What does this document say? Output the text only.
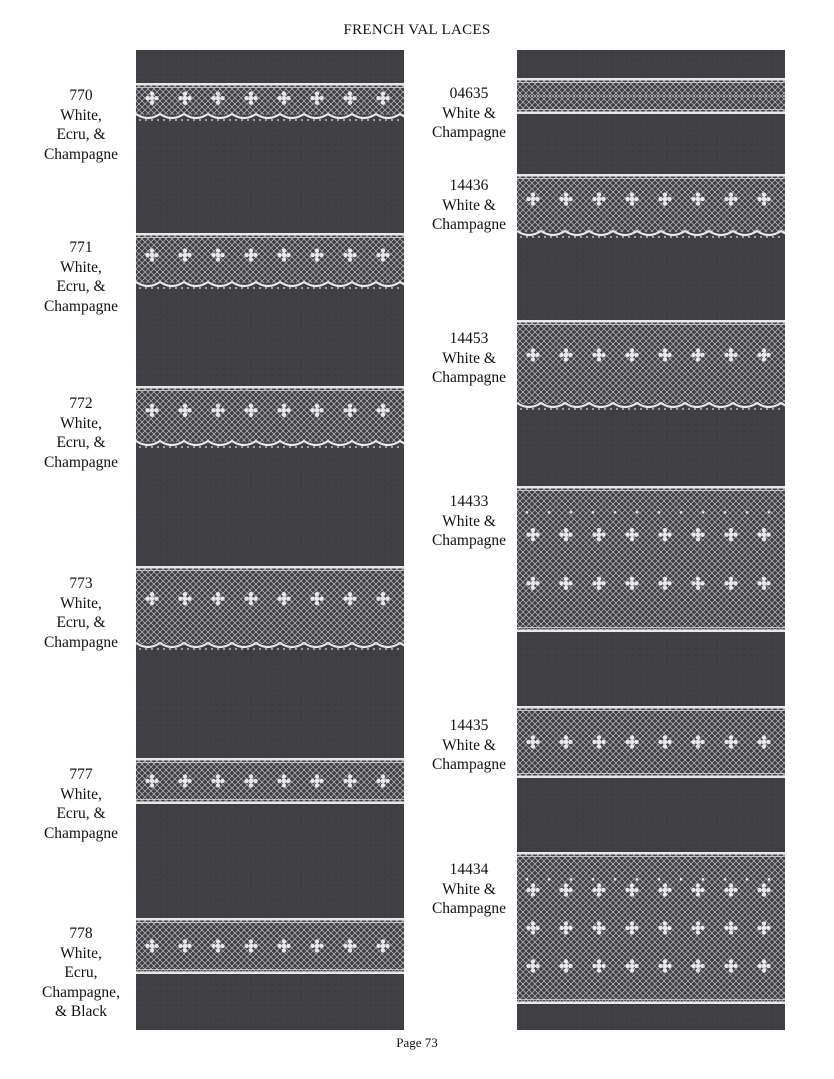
FRENCH VAL LACES
770
White,
Ecru, &
Champagne
771
White,
Ecru, &
Champagne
772
White,
Ecru, &
Champagne
773
White,
Ecru, &
Champagne
777
White,
Ecru, &
Champagne
778
White,
Ecru,
Champagne,
& Black
04635
White &
Champagne
14436
White &
Champagne
14453
White &
Champagne
14433
White &
Champagne
14435
White &
Champagne
14434
White &
Champagne
Page 73
